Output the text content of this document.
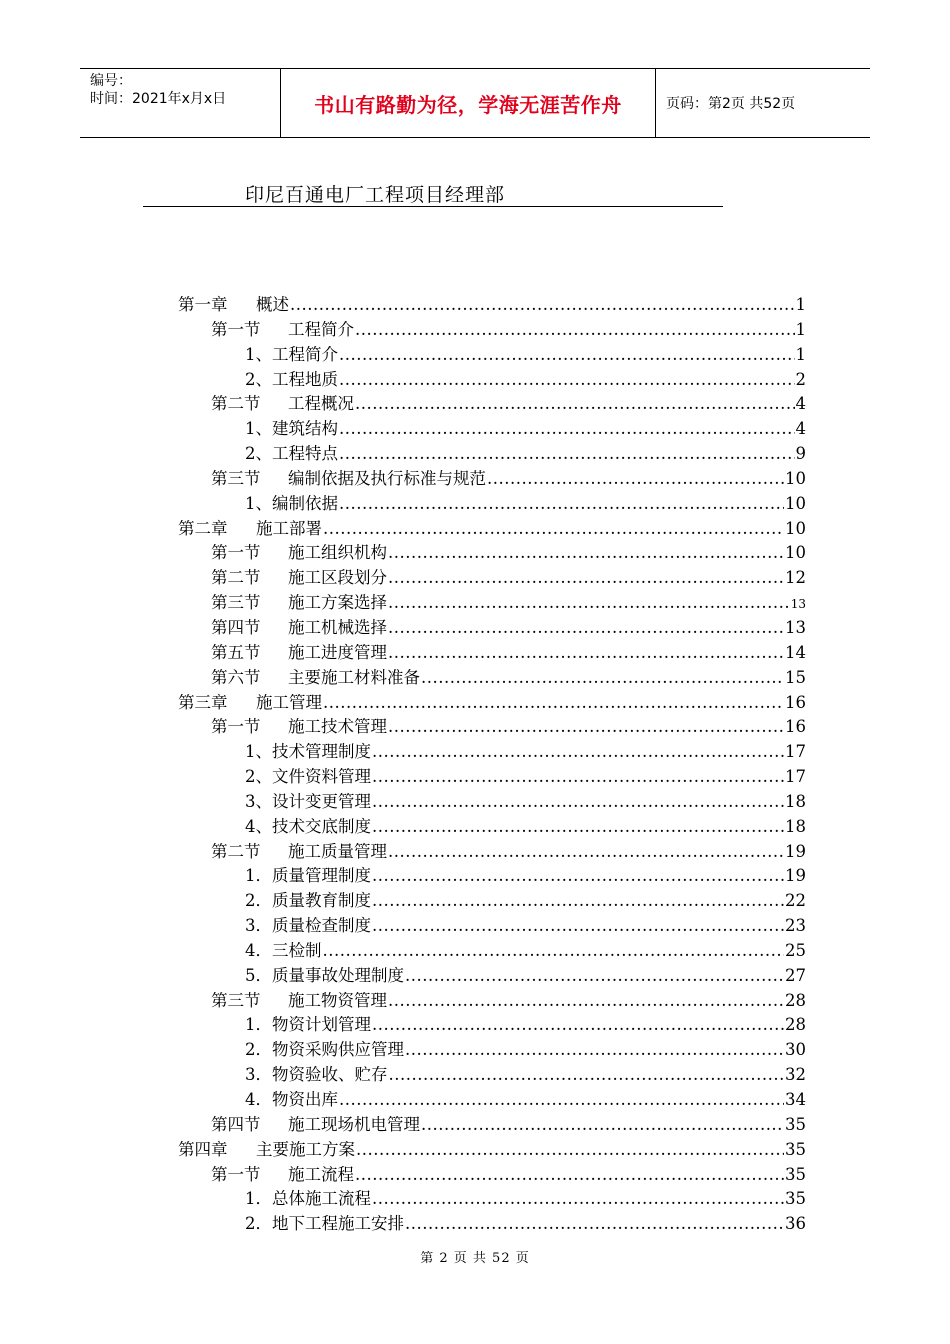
编号：
时间：2021年x月x日	书山有路勤为径，学海无涯苦作舟	页码：第2页 共52页
印尼百通电厂工程项目经理部
第一章 概述 .....	1
第一节 工程简介 .....	1
1、工程简介 .....	1
2、工程地质 .....	2
第二节 工程概况 .....	4
1、建筑结构 .....	4
2、工程特点 .....	9
第三节 编制依据及执行标准与规范 .....	10
1、编制依据 .....	10
第二章 施工部署 .....	10
第一节 施工组织机构 .....	10
第二节 施工区段划分 .....	12
第三节 施工方案选择 .....	13
第四节 施工机械选择 .....	13
第五节 施工进度管理 .....	14
第六节 主要施工材料准备 .....	15
第三章 施工管理 .....	16
第一节 施工技术管理 .....	16
1、技术管理制度 .....	17
2、文件资料管理 .....	17
3、设计变更管理 .....	18
4、技术交底制度 .....	18
第二节 施工质量管理 .....	19
1．质量管理制度 .....	19
2．质量教育制度 .....	22
3．质量检查制度 .....	23
4．三检制 .....	25
5．质量事故处理制度 .....	27
第三节 施工物资管理 .....	28
1．物资计划管理 .....	28
2．物资采购供应管理 .....	30
3．物资验收、贮存 .....	32
4．物资出库 .....	34
第四节 施工现场机电管理 .....	35
第四章 主要施工方案 .....	35
第一节 施工流程 .....	35
1．总体施工流程 .....	35
2．地下工程施工安排 .....	36
第 2 页 共 52 页
